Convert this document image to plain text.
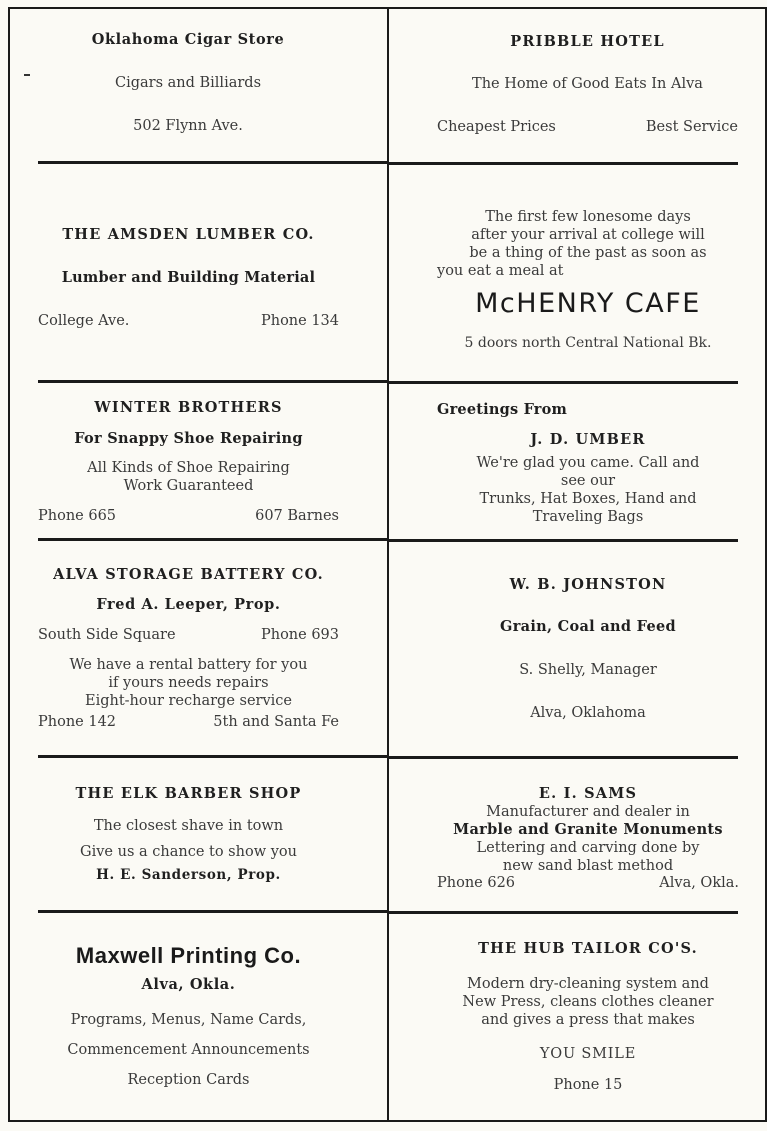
Oklahoma Cigar Store
Cigars and Billiards
502 Flynn Ave.
PRIBBLE HOTEL
The Home of Good Eats In Alva
Cheapest Prices	Best Service
THE AMSDEN LUMBER CO.
Lumber and Building Material
College Ave.	Phone 134
The first few lonesome days
after your arrival at college will
be a thing of the past as soon as
you eat a meal at
McHENRY CAFE
5 doors north Central National Bk.
WINTER BROTHERS
For Snappy Shoe Repairing
All Kinds of Shoe Repairing
Work Guaranteed
Phone 665	607 Barnes
Greetings From
J. D. UMBER
We're glad you came. Call and
see our
Trunks, Hat Boxes, Hand and
Traveling Bags
ALVA STORAGE BATTERY CO.
Fred A. Leeper, Prop.
South Side Square	Phone 693
We have a rental battery for you
if yours needs repairs
Eight-hour recharge service
Phone 142	5th and Santa Fe
W. B. JOHNSTON
Grain, Coal and Feed
S. Shelly, Manager
Alva, Oklahoma
THE ELK BARBER SHOP
The closest shave in town
Give us a chance to show you
H. E. Sanderson, Prop.
E. I. SAMS
Manufacturer and dealer in
Marble and Granite Monuments
Lettering and carving done by
new sand blast method
Phone 626	Alva, Okla.
Maxwell Printing Co.
Alva, Okla.
Programs, Menus, Name Cards,
Commencement Announcements
Reception Cards
THE HUB TAILOR CO'S.
Modern dry-cleaning system and
New Press, cleans clothes cleaner
and gives a press that makes
YOU SMILE
Phone 15
